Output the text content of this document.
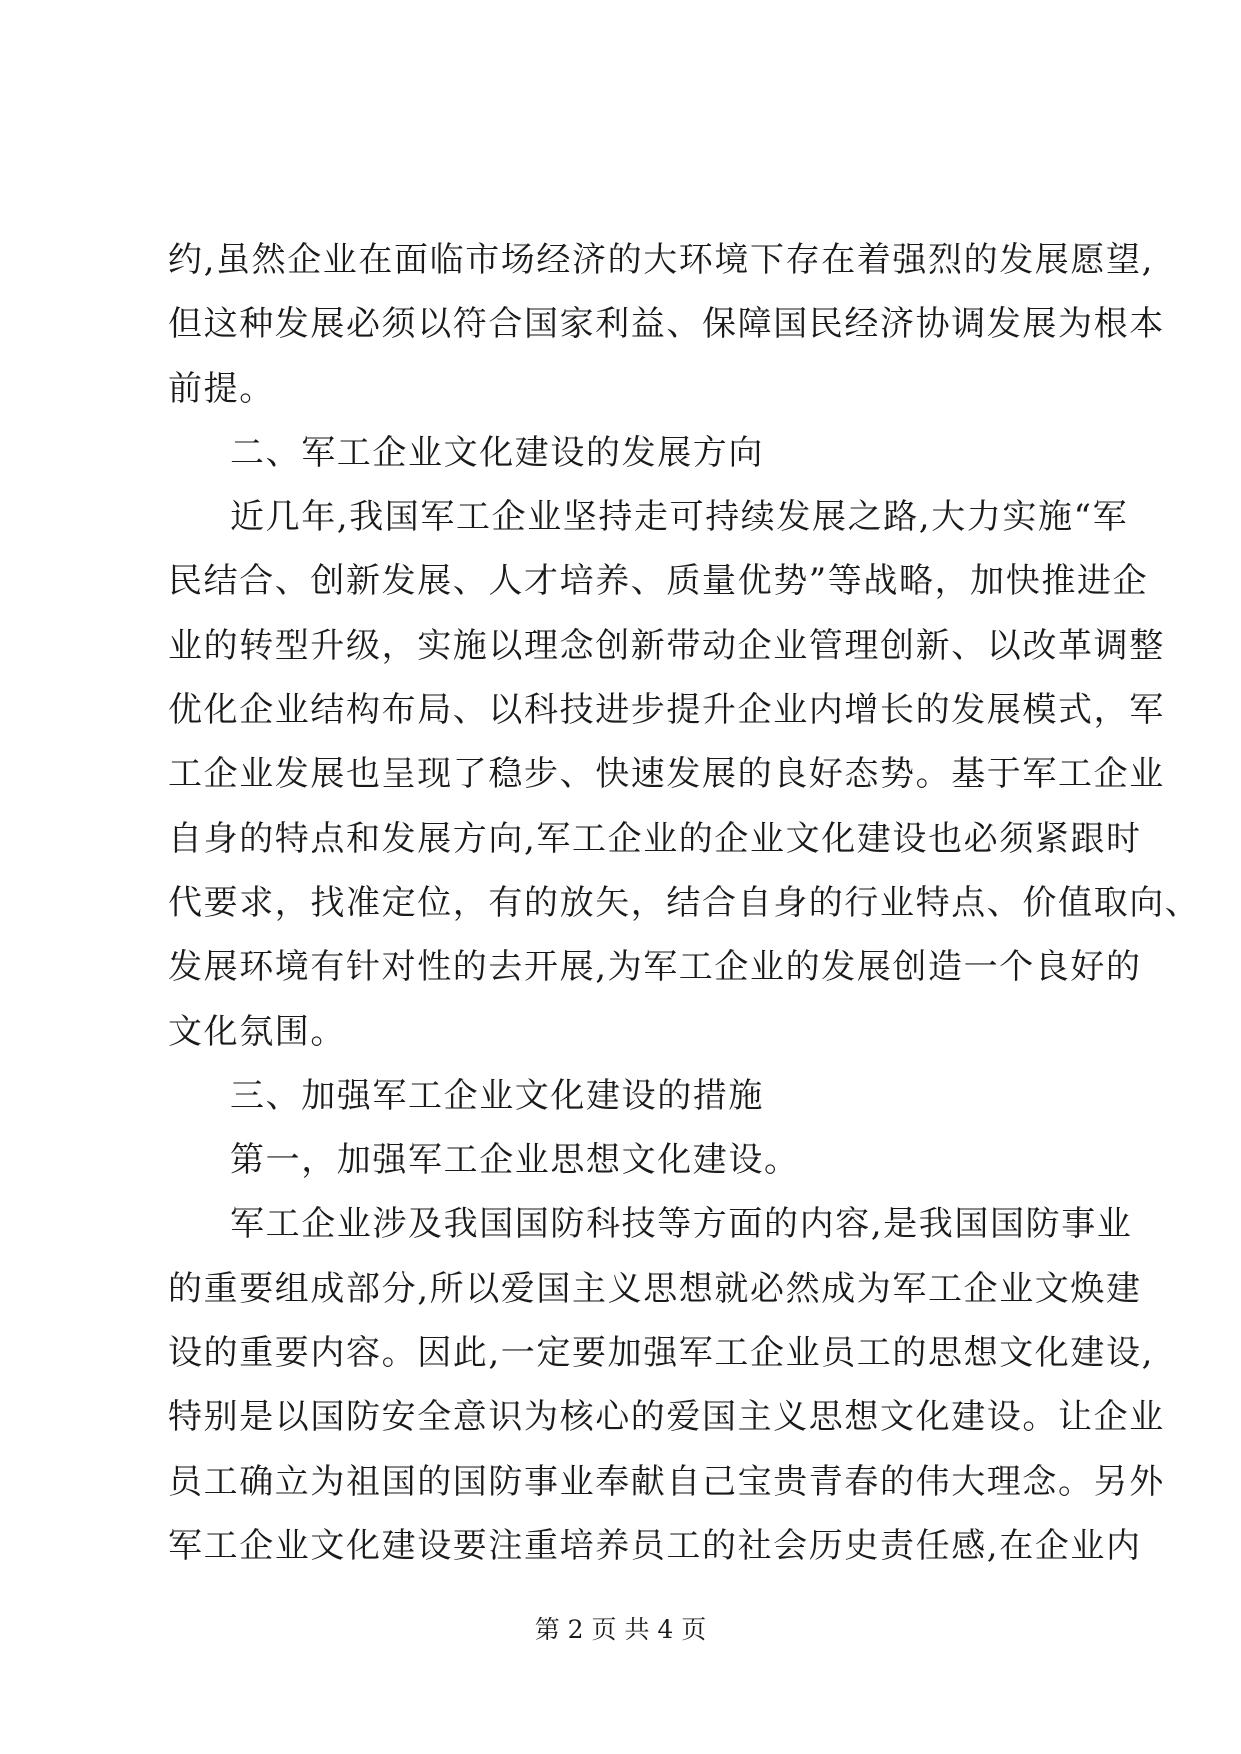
约,虽然企业在面临市场经济的大环境下存在着强烈的发展愿望,
但这种发展必须以符合国家利益、保障国民经济协调发展为根本
前提。
二、军工企业文化建设的发展方向
近几年,我国军工企业坚持走可持续发展之路,大力实施“军
民结合、创新发展、人才培养、质量优势”等战略，加快推进企
业的转型升级，实施以理念创新带动企业管理创新、以改革调整
优化企业结构布局、以科技进步提升企业内增长的发展模式，军
工企业发展也呈现了稳步、快速发展的良好态势。基于军工企业
自身的特点和发展方向,军工企业的企业文化建设也必须紧跟时
代要求，找准定位，有的放矢，结合自身的行业特点、价值取向、
发展环境有针对性的去开展,为军工企业的发展创造一个良好的
文化氛围。
三、加强军工企业文化建设的措施
第一，加强军工企业思想文化建设。
军工企业涉及我国国防科技等方面的内容,是我国国防事业
的重要组成部分,所以爱国主义思想就必然成为军工企业文焕建
设的重要内容。因此,一定要加强军工企业员工的思想文化建设,
特别是以国防安全意识为核心的爱国主义思想文化建设。让企业
员工确立为祖国的国防事业奉献自己宝贵青春的伟大理念。另外
军工企业文化建设要注重培养员工的社会历史责任感,在企业内
第 2 页 共 4 页
